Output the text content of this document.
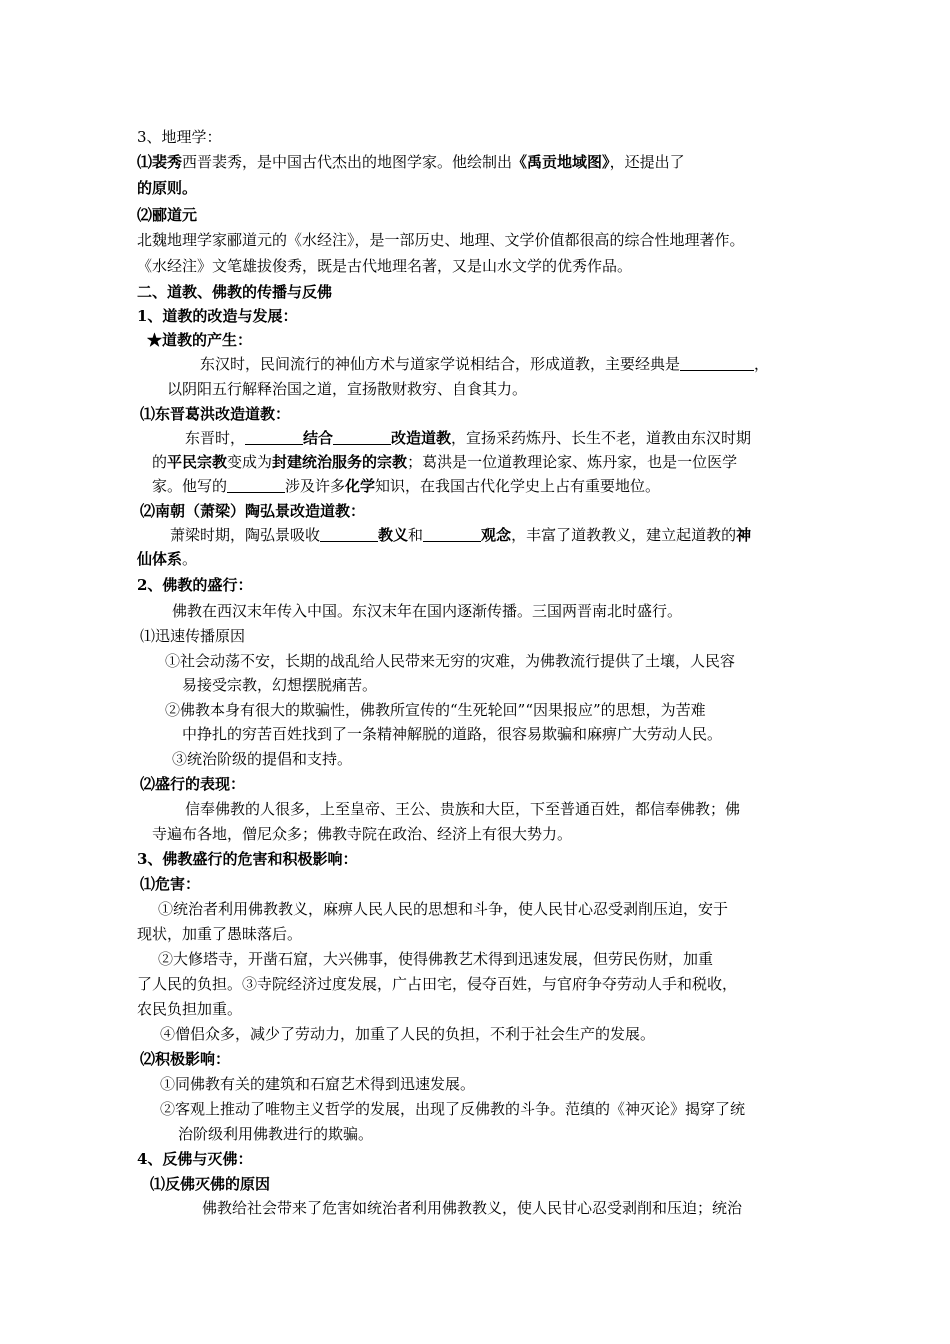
3、地理学：
⑴裴秀西晋裴秀，是中国古代杰出的地图学家。他绘制出《禹贡地域图》，还提出了
的原则。
⑵郦道元
北魏地理学家郦道元的《水经注》，是一部历史、地理、文学价值都很高的综合性地理著作。
《水经注》文笔雄拔俊秀，既是古代地理名著，又是山水文学的优秀作品。
二、道教、佛教的传播与反佛
1、道教的改造与发展：
★道教的产生：
东汉时，民间流行的神仙方术与道家学说相结合，形成道教，主要经典是	，
以阴阳五行解释治国之道，宣扬散财救穷、自食其力。
⑴东晋葛洪改造道教：
东晋时，	结合	改造道教，宣扬采药炼丹、长生不老，道教由东汉时期
的平民宗教变成为封建统治服务的宗教；葛洪是一位道教理论家、炼丹家，也是一位医学
家。他写的	涉及许多化学知识，在我国古代化学史上占有重要地位。
⑵南朝（萧梁）陶弘景改造道教：
萧梁时期，陶弘景吸收	教义和	观念，丰富了道教教义，建立起道教的神
仙体系。
2、佛教的盛行：
佛教在西汉末年传入中国。东汉末年在国内逐渐传播。三国两晋南北时盛行。
⑴迅速传播原因
①社会动荡不安，长期的战乱给人民带来无穷的灾难，为佛教流行提供了土壤，人民容
易接受宗教，幻想摆脱痛苦。
②佛教本身有很大的欺骗性，佛教所宣传的“生死轮回”“因果报应”的思想，为苦难
中挣扎的穷苦百姓找到了一条精神解脱的道路，很容易欺骗和麻痹广大劳动人民。
③统治阶级的提倡和支持。
⑵盛行的表现：
信奉佛教的人很多，上至皇帝、王公、贵族和大臣，下至普通百姓，都信奉佛教；佛
寺遍布各地，僧尼众多；佛教寺院在政治、经济上有很大势力。
3、佛教盛行的危害和积极影响：
⑴危害：
①统治者利用佛教教义，麻痹人民人民的思想和斗争，使人民甘心忍受剥削压迫，安于
现状，加重了愚昧落后。
②大修塔寺，开凿石窟，大兴佛事，使得佛教艺术得到迅速发展，但劳民伤财，加重
了人民的负担。③寺院经济过度发展，广占田宅，侵夺百姓，与官府争夺劳动人手和税收，
农民负担加重。
④僧侣众多，减少了劳动力，加重了人民的负担，不利于社会生产的发展。
⑵积极影响：
①同佛教有关的建筑和石窟艺术得到迅速发展。
②客观上推动了唯物主义哲学的发展，出现了反佛教的斗争。范缜的《神灭论》揭穿了统
治阶级利用佛教进行的欺骗。
4、反佛与灭佛：
⑴反佛灭佛的原因
佛教给社会带来了危害如统治者利用佛教教义，使人民甘心忍受剥削和压迫；统治
